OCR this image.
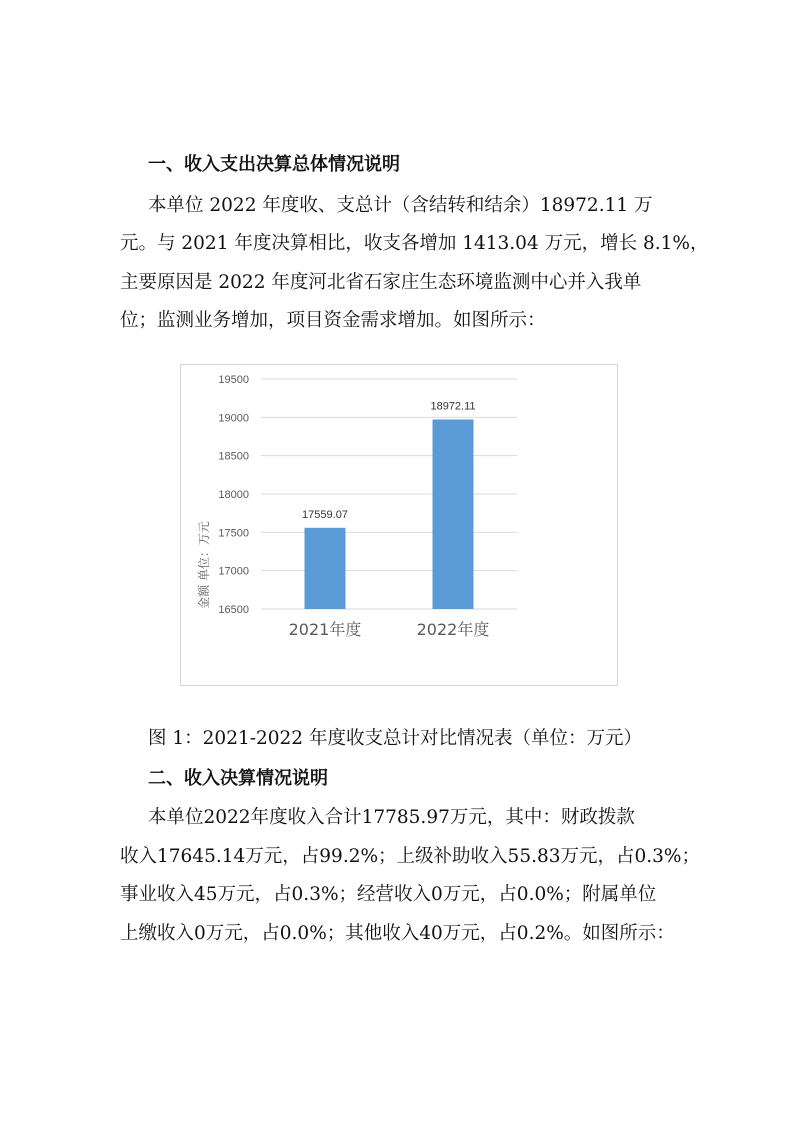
一、收入支出决算总体情况说明
本单位 2022 年度收、支总计（含结转和结余）18972.11 万
元。与 2021 年度决算相比，收支各增加 1413.04 万元，增长 8.1%，
主要原因是 2022 年度河北省石家庄生态环境监测中心并入我单
位；监测业务增加，项目资金需求增加。如图所示：
16500
17000
17500
18000
18500
19000
19500
17559.07
2021年度
18972.11
2022年度
金额 单位：万元
图 1：2021-2022 年度收支总计对比情况表（单位：万元）
二、收入决算情况说明
本单位2022年度收入合计17785.97万元，其中：财政拨款
收入17645.14万元，占99.2%；上级补助收入55.83万元，占0.3%；
事业收入45万元，占0.3%；经营收入0万元，占0.0%；附属单位
上缴收入0万元，占0.0%；其他收入40万元，占0.2%。如图所示：
